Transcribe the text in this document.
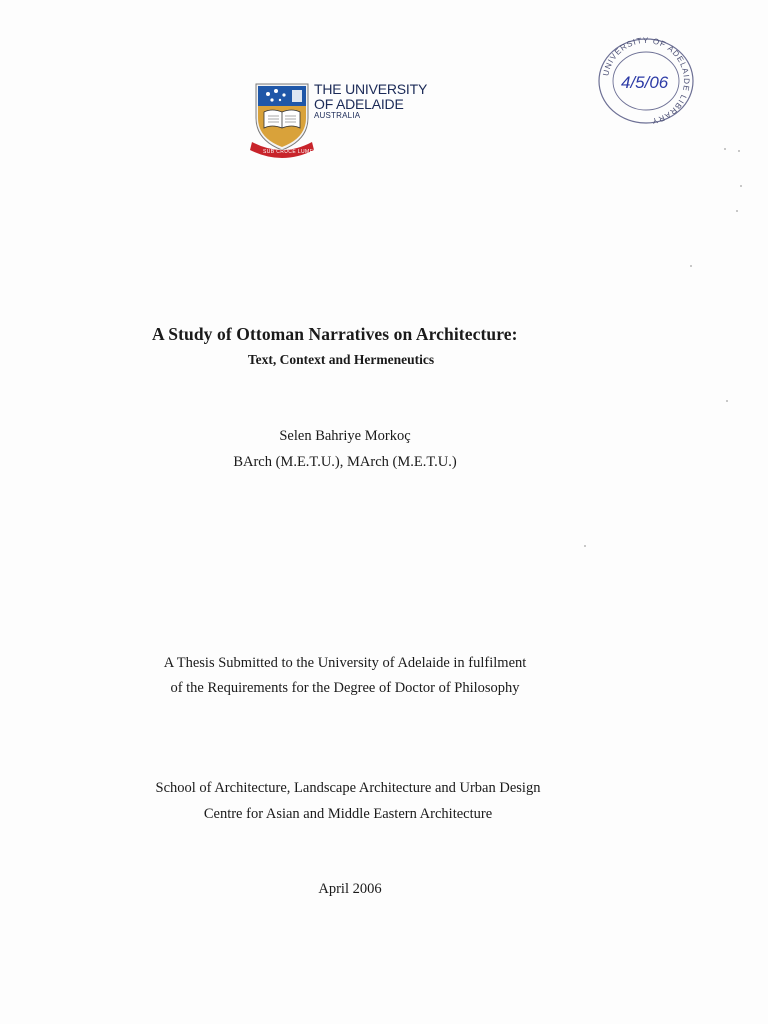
SUB CRUCE LUMEN
THE UNIVERSITY
OF ADELAIDE
AUSTRALIA
UNIVERSITY OF ADELAIDE LIBRARY
4/5/06
A Study of Ottoman Narratives on Architecture:
Text, Context and Hermeneutics
Selen Bahriye Morkoç
BArch (M.E.T.U.), MArch (M.E.T.U.)
A Thesis Submitted to the University of Adelaide in fulfilment
of the Requirements for the Degree of Doctor of Philosophy
School of Architecture, Landscape Architecture and Urban Design
Centre for Asian and Middle Eastern Architecture
April 2006
